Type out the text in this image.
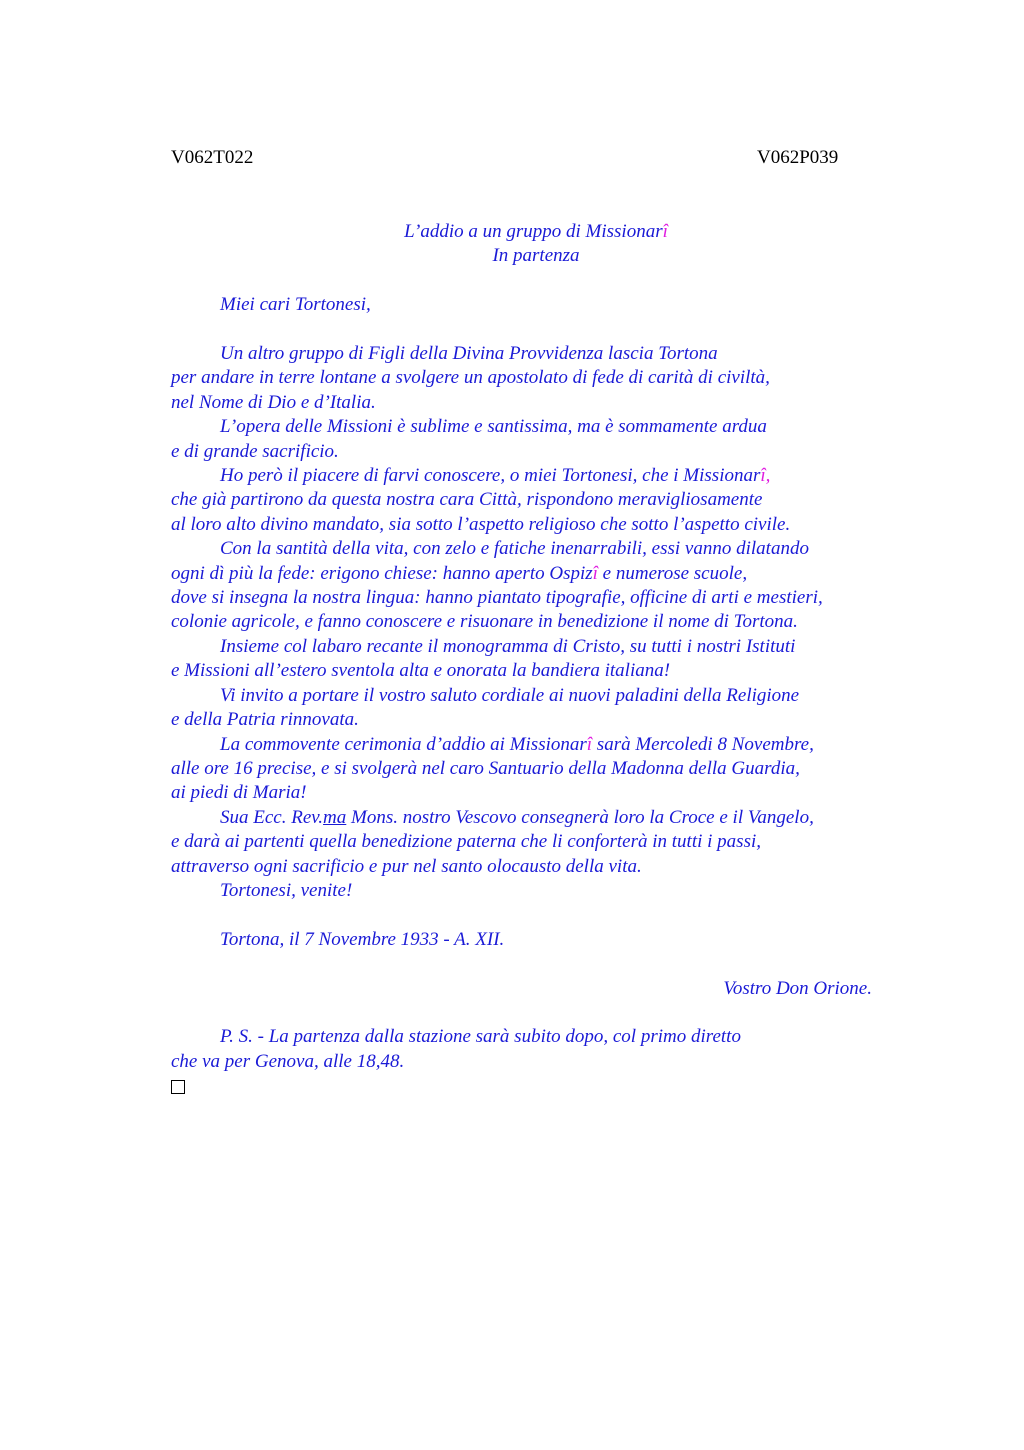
V062T022	V062P039
L’addio a un gruppo di Missionarî
In partenza
Miei cari Tortonesi,
Un altro gruppo di Figli della Divina Provvidenza lascia Tortona
per andare in terre lontane a svolgere un apostolato di fede di carità di civiltà,
nel Nome di Dio e d’Italia.
L’opera delle Missioni è sublime e santissima, ma è sommamente ardua
e di grande sacrificio.
Ho però il piacere di farvi conoscere, o miei Tortonesi, che i Missionarî,
che già partirono da questa nostra cara Città, rispondono meravigliosamente
al loro alto divino mandato, sia sotto l’aspetto religioso che sotto l’aspetto civile.
Con la santità della vita, con zelo e fatiche inenarrabili, essi vanno dilatando
ogni dì più la fede: erigono chiese: hanno aperto Ospizî e numerose scuole,
dove si insegna la nostra lingua: hanno piantato tipografie, officine di arti e mestieri,
colonie agricole, e fanno conoscere e risuonare in benedizione il nome di Tortona.
Insieme col labaro recante il monogramma di Cristo, su tutti i nostri Istituti
e Missioni all’estero sventola alta e onorata la bandiera italiana!
Vi invito a portare il vostro saluto cordiale ai nuovi paladini della Religione
e della Patria rinnovata.
La commovente cerimonia d’addio ai Missionarî sarà Mercoledi 8 Novembre,
alle ore 16 precise, e si svolgerà nel caro Santuario della Madonna della Guardia,
ai piedi di Maria!
Sua Ecc. Rev.ma Mons. nostro Vescovo consegnerà loro la Croce e il Vangelo,
e darà ai partenti quella benedizione paterna che li conforterà in tutti i passi,
attraverso ogni sacrificio e pur nel santo olocausto della vita.
Tortonesi, venite!
Tortona, il 7 Novembre 1933 - A. XII.
Vostro Don Orione.
P. S. - La partenza dalla stazione sarà subito dopo, col primo diretto
che va per Genova, alle 18,48.
